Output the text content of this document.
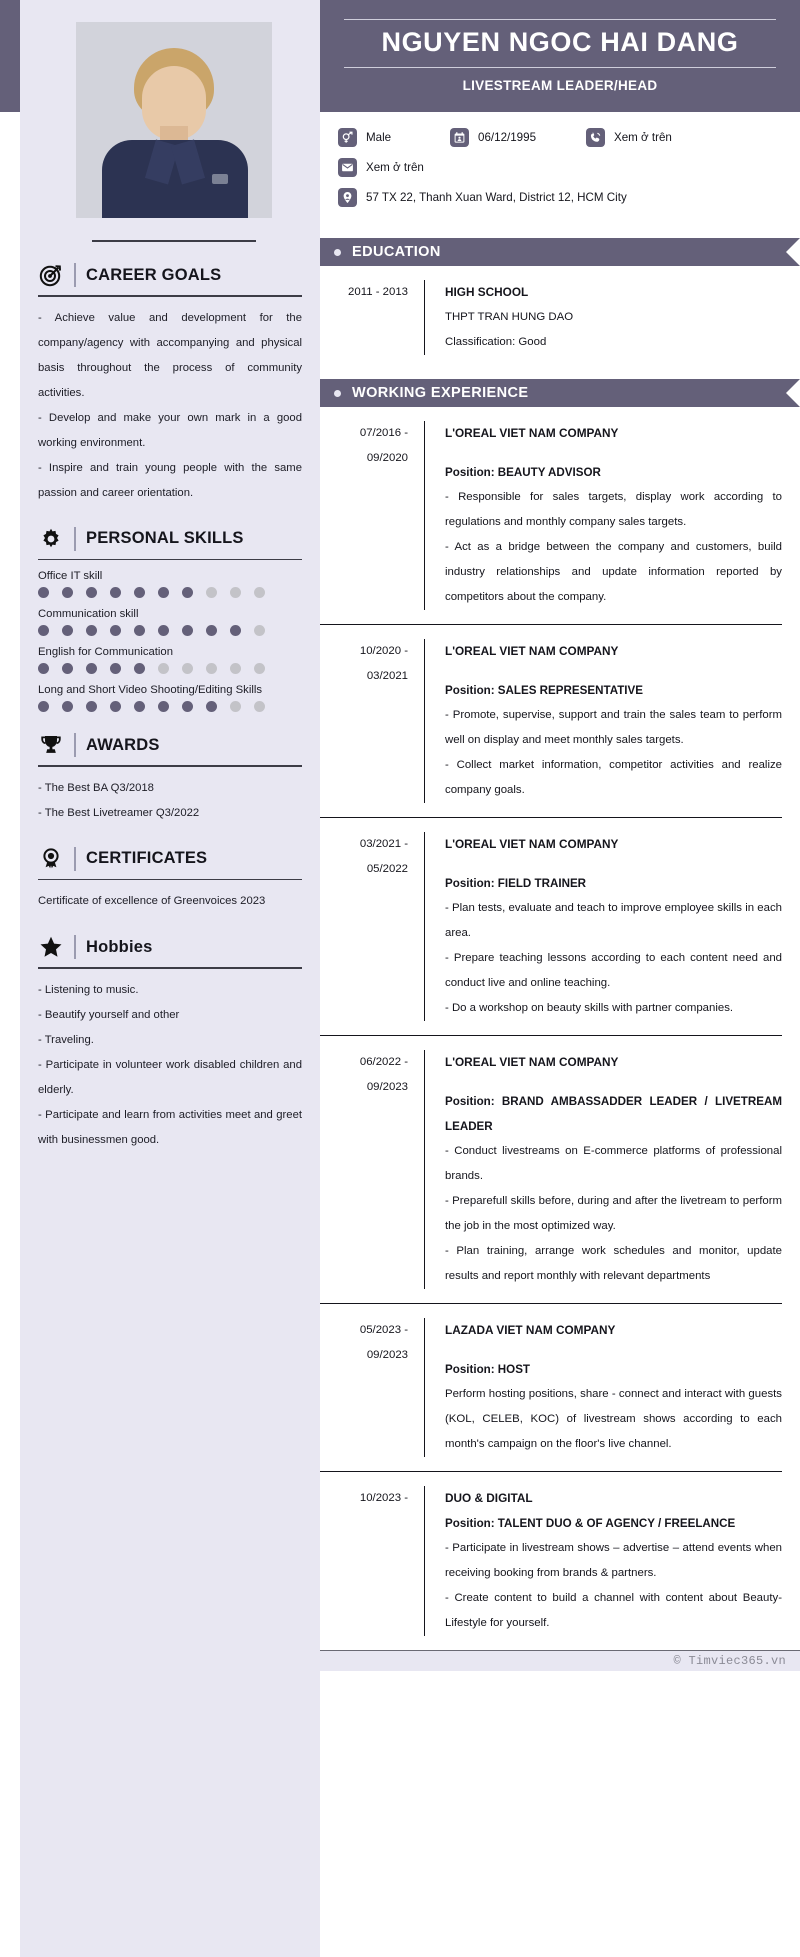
CAREER GOALS

- Achieve value and development for the company/agency with accompanying and physical basis throughout the process of community activities.

- Develop and make your own mark in a good working environment.

- Inspire and train young people with the same passion and career orientation.

PERSONAL SKILLS
Office IT skill
Communication skill
English for Communication
Long and Short Video Shooting/Editing Skills
AWARDS
- The Best BA Q3/2018
- The Best Livetreamer Q3/2022
CERTIFICATES
Certificate of excellence of Greenvoices 2023
Hobbies
- Listening to music.
- Beautify yourself and other
- Traveling.

- Participate in volunteer work disabled children and elderly.

- Participate and learn from activities meet and greet with businessmen good.

NGUYEN NGOC HAI DANG
LIVESTREAM LEADER/HEAD
Male	06/12/1995	Xem ở trên
Xem ở trên
57 TX 22, Thanh Xuan Ward, District 12, HCM City
EDUCATION
2011 - 2013	HIGH SCHOOL
THPT TRAN HUNG DAO
Classification: Good
WORKING EXPERIENCE
07/2016 -
09/2020
L'OREAL VIET NAM COMPANY
Position: BEAUTY ADVISOR
- Responsible for sales targets, display work according to regulations and monthly company sales targets.
- Act as a bridge between the company and customers, build industry relationships and update information reported by competitors about the company.
10/2020 -
03/2021
L'OREAL VIET NAM COMPANY
Position: SALES REPRESENTATIVE
- Promote, supervise, support and train the sales team to perform well on display and meet monthly sales targets.
- Collect market information, competitor activities and realize company goals.
03/2021 -
05/2022
L'OREAL VIET NAM COMPANY
Position: FIELD TRAINER
- Plan tests, evaluate and teach to improve employee skills in each area.
- Prepare teaching lessons according to each content need and conduct live and online teaching.
- Do a workshop on beauty skills with partner companies.
06/2022 -
09/2023
L'OREAL VIET NAM COMPANY
Position: BRAND AMBASSADDER LEADER / LIVETREAM LEADER
- Conduct livestreams on E-commerce platforms of professional brands.
- Preparefull skills before, during and after the livetream to perform the job in the most optimized way.
- Plan training, arrange work schedules and monitor, update results and report monthly with relevant departments
05/2023 -
09/2023
LAZADA VIET NAM COMPANY
Position: HOST
Perform hosting positions, share - connect and interact with guests (KOL, CELEB, KOC) of livestream shows according to each month's campaign on the floor's live channel.
10/2023 -	DUO & DIGITAL
Position: TALENT DUO & OF AGENCY / FREELANCE
- Participate in livestream shows – advertise – attend events when receiving booking from brands & partners.
- Create content to build a channel with content about Beauty-Lifestyle for yourself.
© Timviec365.vn
